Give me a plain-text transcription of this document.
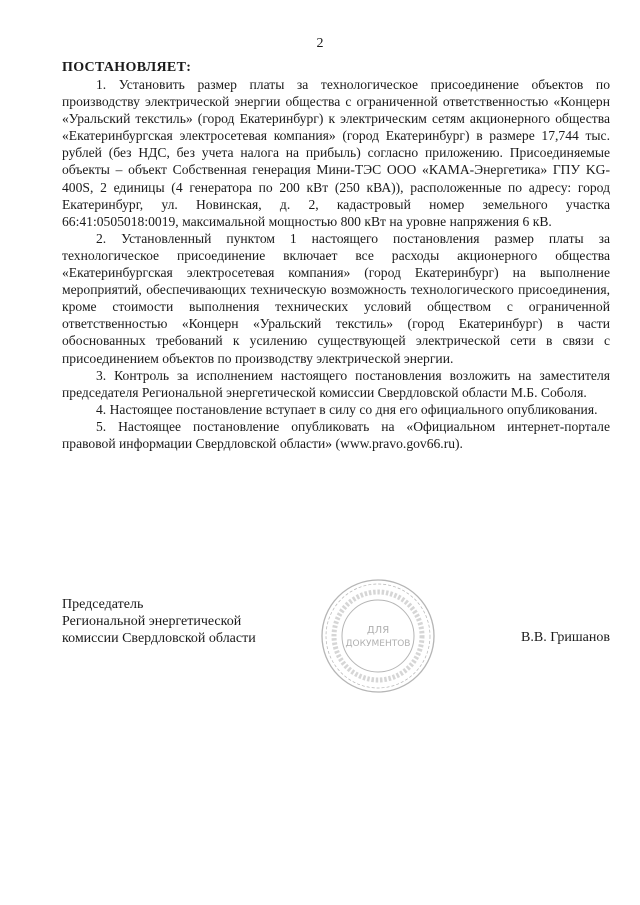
2
ПОСТАНОВЛЯЕТ:

1. Установить размер платы за технологическое присоединение объектов по производству электрической энергии общества с ограниченной ответственностью «Концерн «Уральский текстиль» (город Екатеринбург) к электрическим сетям акционерного общества «Екатеринбургская электросетевая компания» (город Екатеринбург) в размере 17,744 тыс. рублей (без НДС, без учета налога на прибыль) согласно приложению. Присоединяемые объекты – объект Собственная генерация Мини-ТЭС ООО «КАМА-Энергетика» ГПУ KG-400S, 2 единицы (4 генератора по 200 кВт (250 кВА)), расположенные по адресу: город Екатеринбург, ул. Новинская, д. 2, кадастровый номер земельного участка 66:41:0505018:0019, максимальной мощностью 800 кВт на уровне напряжения 6 кВ.

2. Установленный пунктом 1 настоящего постановления размер платы за технологическое присоединение включает все расходы акционерного общества «Екатеринбургская электросетевая компания» (город Екатеринбург) на выполнение мероприятий, обеспечивающих техническую возможность технологического присоединения, кроме стоимости выполнения технических условий обществом с ограниченной ответственностью «Концерн «Уральский текстиль» (город Екатеринбург) в части обоснованных требований к усилению существующей электрической сети в связи с присоединением объектов по производству электрической энергии.

3. Контроль за исполнением настоящего постановления возложить на заместителя председателя Региональной энергетической комиссии Свердловской области М.Б. Соболя.

4. Настоящее постановление вступает в силу со дня его официального опубликования.

5. Настоящее постановление опубликовать на «Официальном интернет-портале правовой информации Свердловской области» (www.pravo.gov66.ru).

Председатель
Региональной энергетической
комиссии Свердловской области	В.В. Гришанов
ДЛЯ
ДОКУМЕНТОВ
